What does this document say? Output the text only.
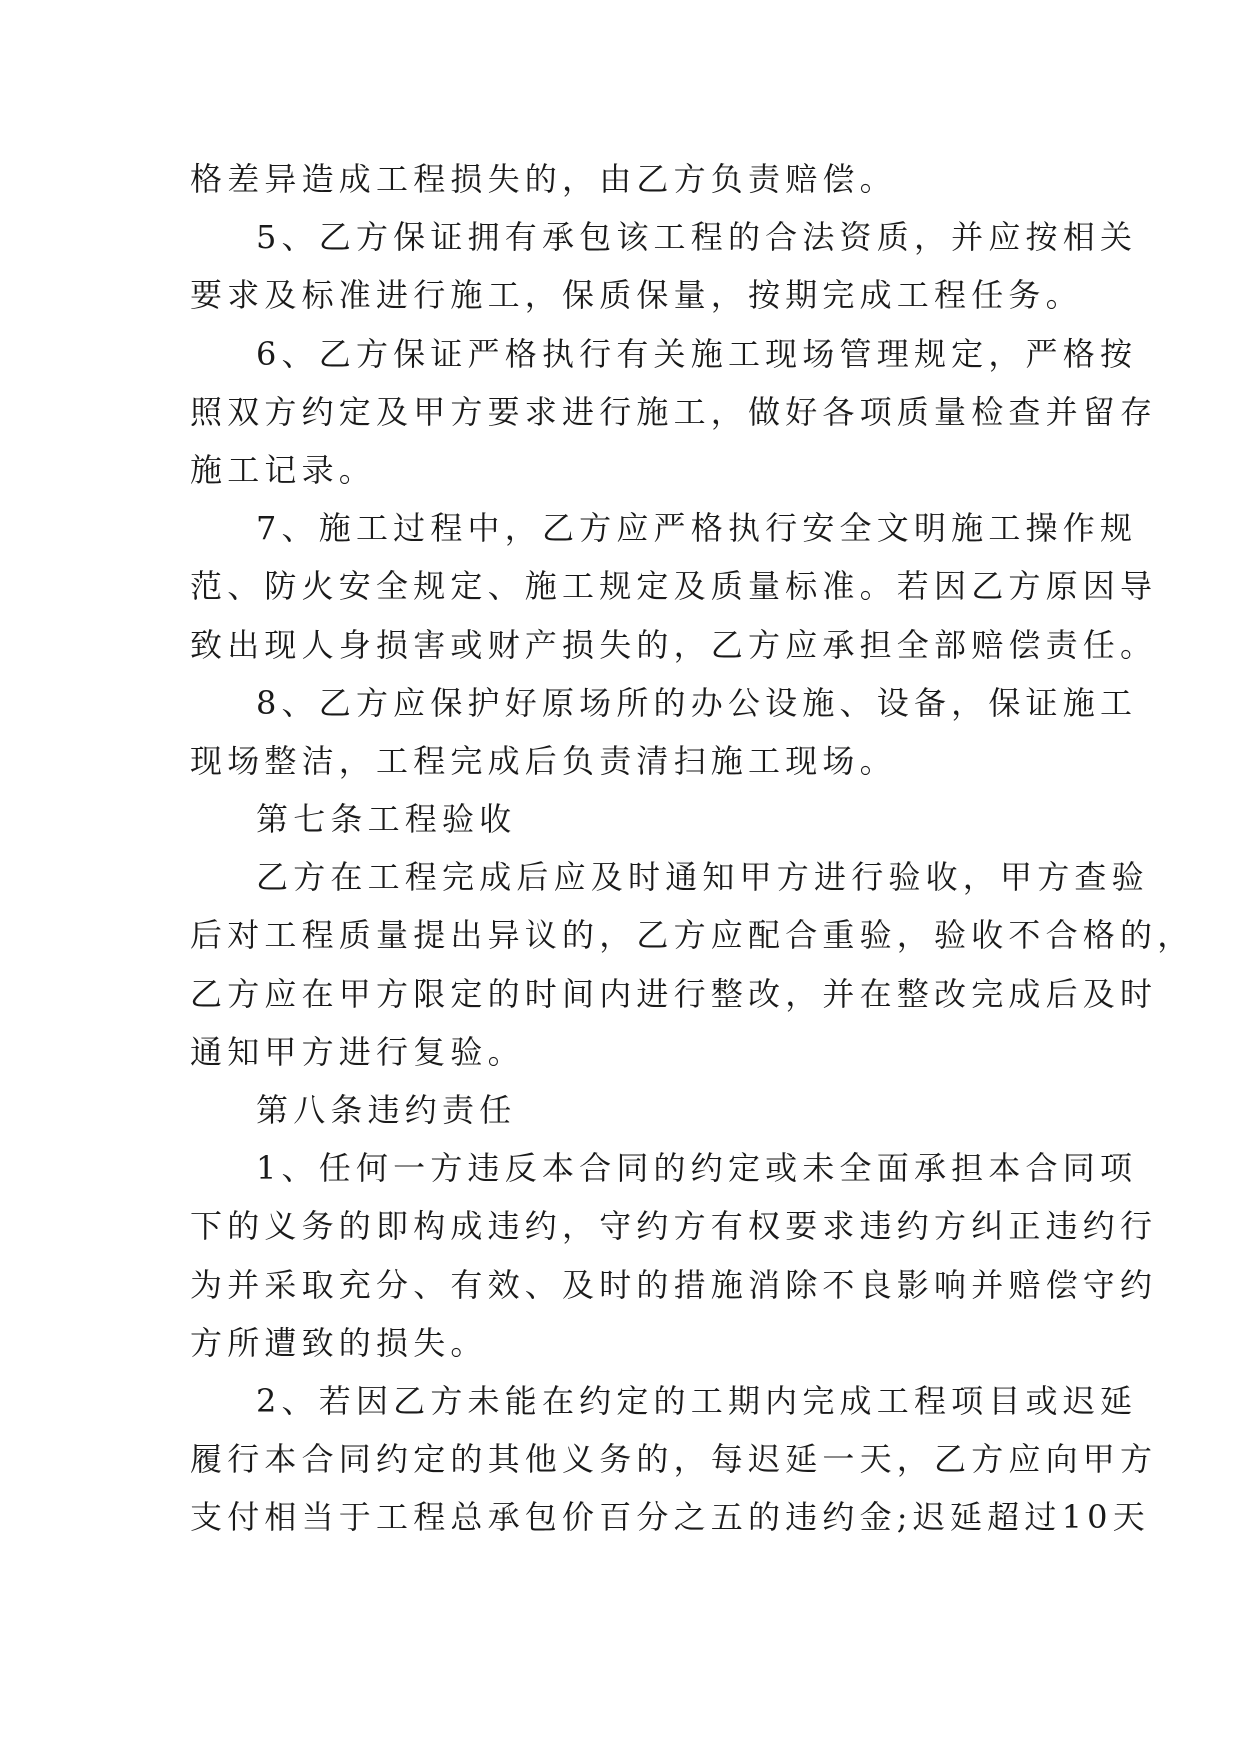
格差异造成工程损失的，由乙方负责赔偿。
5、乙方保证拥有承包该工程的合法资质，并应按相关
要求及标准进行施工，保质保量，按期完成工程任务。
6、乙方保证严格执行有关施工现场管理规定，严格按
照双方约定及甲方要求进行施工，做好各项质量检查并留存
施工记录。
7、施工过程中，乙方应严格执行安全文明施工操作规
范、防火安全规定、施工规定及质量标准。若因乙方原因导
致出现人身损害或财产损失的，乙方应承担全部赔偿责任。
8、乙方应保护好原场所的办公设施、设备，保证施工
现场整洁，工程完成后负责清扫施工现场。
第七条工程验收
乙方在工程完成后应及时通知甲方进行验收，甲方查验
后对工程质量提出异议的，乙方应配合重验，验收不合格的，
乙方应在甲方限定的时间内进行整改，并在整改完成后及时
通知甲方进行复验。
第八条违约责任
1、任何一方违反本合同的约定或未全面承担本合同项
下的义务的即构成违约，守约方有权要求违约方纠正违约行
为并采取充分、有效、及时的措施消除不良影响并赔偿守约
方所遭致的损失。
2、若因乙方未能在约定的工期内完成工程项目或迟延
履行本合同约定的其他义务的，每迟延一天，乙方应向甲方
支付相当于工程总承包价百分之五的违约金;迟延超过10天
